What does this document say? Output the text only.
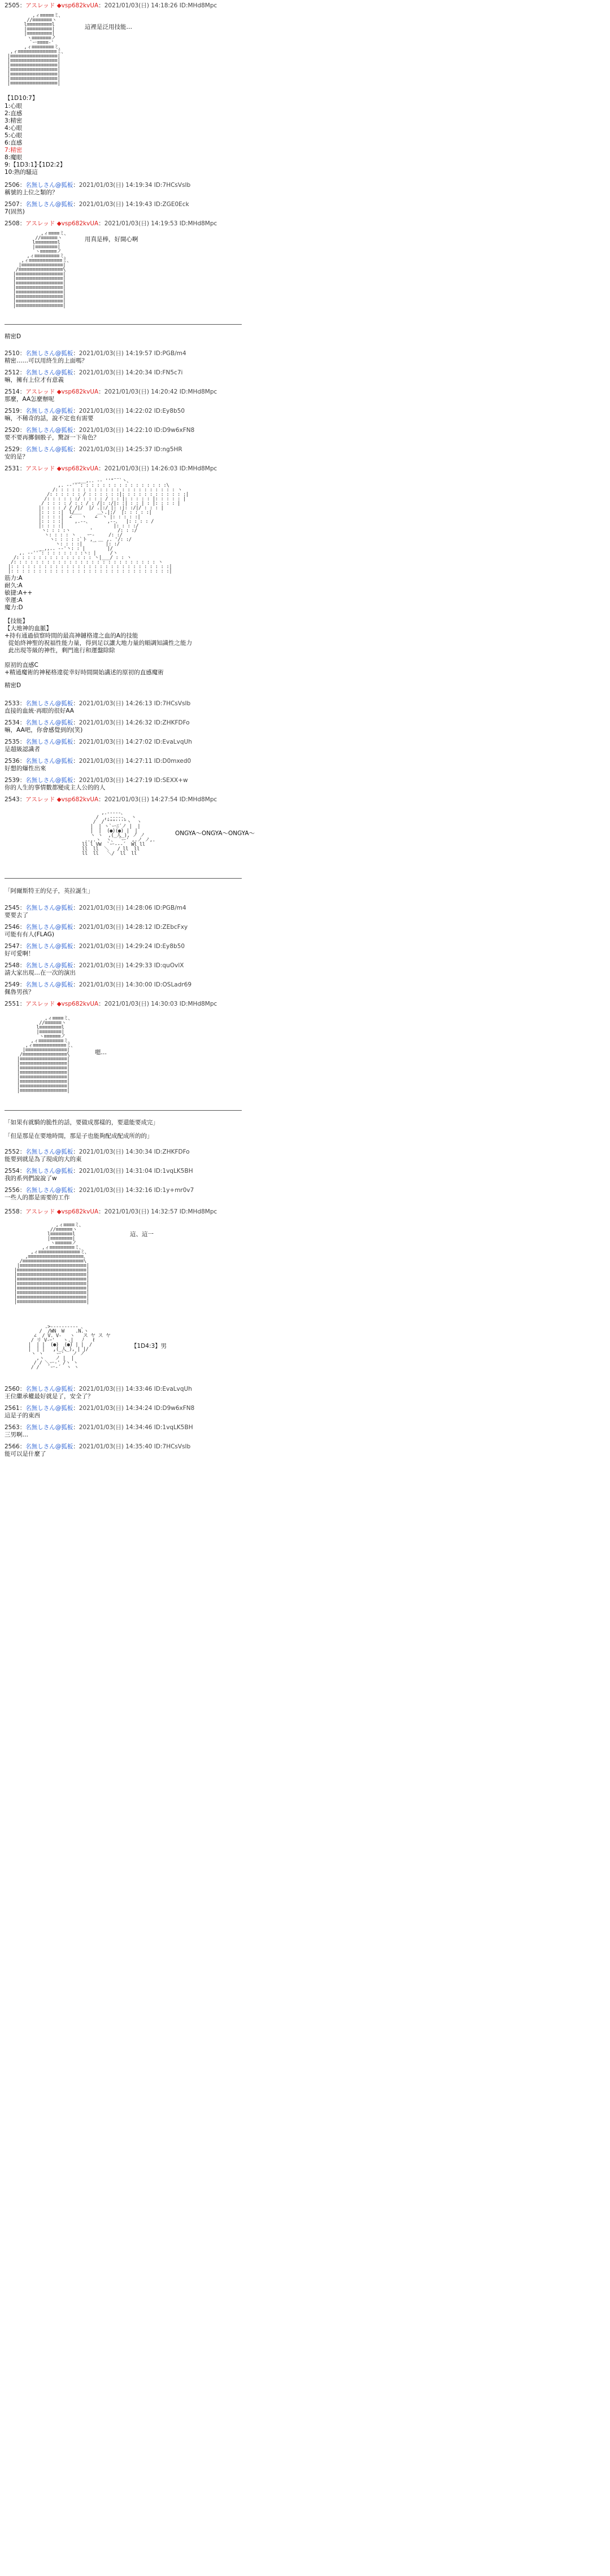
2505：アスレッド ◆vsp682kvUA：2021/01/03(日) 14:18:26 ID:MHd8Mpc
,ィ≡≡≡≡≡ミ、
//≡≡≡≡≡≡≡ヽ
l≡≡≡≡≡≡≡≡≡l
|≡≡≡≡≡≡≡≡≡|
|≡≡≡≡≡≡≡≡≡|
ヽ≡≡≡≡≡≡≡ノ
`ー≡≡≡≡‐'
,ィ≡≡≡≡≡≡≡≡ミ、
,ィ≡≡≡≡≡≡≡≡≡≡≡≡≡≡ミ、
|≡≡≡≡≡≡≡≡≡≡≡≡≡≡≡≡≡|
|≡≡≡≡≡≡≡≡≡≡≡≡≡≡≡≡≡|
|≡≡≡≡≡≡≡≡≡≡≡≡≡≡≡≡≡|
|≡≡≡≡≡≡≡≡≡≡≡≡≡≡≡≡≡|
|≡≡≡≡≡≡≡≡≡≡≡≡≡≡≡≡≡|
|≡≡≡≡≡≡≡≡≡≡≡≡≡≡≡≡≡|
|≡≡≡≡≡≡≡≡≡≡≡≡≡≡≡≡≡|
這裡是泛用技能…
【1D10:7】
1:心眼
2:直感
3:精密
4:心眼
5:心眼
6:直感
7:精密
8:魔眼
9:【1D3:1】·【1D2:2】
10:熟的騷這
2506：名無しさん@狐板：2021/01/03(日) 14:19:34 ID:7HCsVsIb
稱號的上位之類的？
2507：名無しさん@狐板：2021/01/03(日) 14:19:43 ID:ZGE0Eck
7(固然)
2508：アスレッド ◆vsp682kvUA：2021/01/03(日) 14:19:53 ID:MHd8Mpc
,ィ≡≡≡≡ミ、
//≡≡≡≡≡≡ヽ
l≡≡≡≡≡≡≡≡l
|≡≡≡≡≡≡≡≡|
ヽ≡≡≡≡≡≡ノ
,ィ≡≡≡≡≡≡≡≡≡ミ、
,ィ≡≡≡≡≡≡≡≡≡≡≡≡ミ、
|≡≡≡≡≡≡≡≡≡≡≡≡≡≡≡|
/≡≡≡≡≡≡≡≡≡≡≡≡≡≡≡≡\
|≡≡≡≡≡≡≡≡≡≡≡≡≡≡≡≡≡|
|≡≡≡≡≡≡≡≡≡≡≡≡≡≡≡≡≡|
|≡≡≡≡≡≡≡≡≡≡≡≡≡≡≡≡≡|
|≡≡≡≡≡≡≡≡≡≡≡≡≡≡≡≡≡|
|≡≡≡≡≡≡≡≡≡≡≡≡≡≡≡≡≡|
|≡≡≡≡≡≡≡≡≡≡≡≡≡≡≡≡≡|
|≡≡≡≡≡≡≡≡≡≡≡≡≡≡≡≡≡|
|≡≡≡≡≡≡≡≡≡≡≡≡≡≡≡≡≡|
用真是棒，好開心啊
精密D
2510：名無しさん@狐板：2021/01/03(日) 14:19:57 ID:PGB/m4
精密……可以用終生的上面嗎？
2512：名無しさん@狐板：2021/01/03(日) 14:20:34 ID:FN5c7i
嘛，擁有上位才有意義
2514：アスレッド ◆vsp682kvUA：2021/01/03(日) 14:20:42 ID:MHd8Mpc
那麼，AA怎麼辦呢
2519：名無しさん@狐板：2021/01/03(日) 14:22:02 ID:Ey8b50
嘛，不稀奇的話，說不定也有需要
2520：名無しさん@狐板：2021/01/03(日) 14:22:10 ID:D9w6xFN8
要不要再擲個骰子，驚訝一下角色？
2529：名無しさん@狐板：2021/01/03(日) 14:25:37 ID:ng5HR
安的是？
2531：アスレッド ◆vsp682kvUA：2021/01/03(日) 14:26:03 ID:MHd8Mpc
____,.. -‐ ''"¨¨`丶、
,. -‐''´: : : : : : : : : : : : : : : :\
/: : : : : : : : : : : : : : : : : : : : : : ヽ
/: : : : : : / : : : : : :|: : : : : : : : : : : :|
/: : : : : :/ : : : : / : : |: : : : : |: : : : : |
/ : : : : / : : / : /|: :/|: :| : : | : |: : : : |
|: : : : / / /|/  |/ .|:/ |: :|: :/|/ : : : |
|: : : :|  l/         ヽ.|:/  |: : : : :|
|: : : :|  ∠￣￣ヽ   ∠￣ヽ |: : : : :|
|: : : :|    ,.--、      ,--、  |: : : : /
|: : : :|                  |: : : :/
ヽ: : : :ヽ       '         /: : :/
ヽ: : : : ヽ    ー‐     /: :/
ヽ: : : : :`ト ,_    ,. '/: :/
ヽ: : : :|    ｀￣ |: :/
__,,.. -‐'ヽ: : |        |/
,. -‐''´: : : : : : : :ヽ: |     /ヽ
/: : : : : : : : : : : : : : ヽ|___/ : : ヽ
/: : : : : : : : : : : : : : : : : : : : : : : : : : ヽ
|: : : : : : : : : : : : : : : : : : : : : : : : : : : : :|
|: : : : : : : : : : : : : : : : : : : : : : : : : : : : :|
筋力:A
耐久:A
敏捷:A++
幸運:A
魔力:D
【技能】
【大地神的血脈】
+持有通過偵察時間的最高神鏈格違之血的A的技能
從始終神聖的祝福性能力量，得到足以讓大地力量的順調知識性之能力
此出現等級的神性，剩門進行和運盤除除
原初的直感C
+精通魔術的神秘格違從幸好時間開始講述的原初的直感魔術
精密D
2533：名無しさん@狐板：2021/01/03(日) 14:26:13 ID:7HCsVsIb
直接的血統‧再眼的很好AA
2534：名無しさん@狐板：2021/01/03(日) 14:26:32 ID:ZHKFDFo
嘛，AA吧，你會感覺到的(笑)
2535：名無しさん@狐板：2021/01/03(日) 14:27:02 ID:EvaLvqUh
是超級認識者
2536：名無しさん@狐板：2021/01/03(日) 14:27:11 ID:D0mxed0
好想的爆性出來
2539：名無しさん@狐板：2021/01/03(日) 14:27:19 ID:SEXX+w
你的人生的事情數都變成主人公的的人
2543：アスレッド ◆vsp682kvUA：2021/01/03(日) 14:27:54 ID:MHd8Mpc
,.-‐‐‐-、
/  ,.-‐‐‐-、 ヽ
/  /`"""'''"ヽ  ヽ
|  | ヽ`ーﾆ´ノ |  |
|  |  (●)(●) |  |
ヽ ヽ  ,(_人_), ノ ノ
..,.ヽ  ヽ、 `ー' ,.ノ ノ,.
ll l VW  `ー--‐´  Wl ll
ll  ll  ＼   / ll  ll
ll  ll   ＼/  ll  ll
ONGYA〜ONGYA〜ONGYA〜
「阿爾斯特王的兒子，英拉誕生」
2545：名無しさん@狐板：2021/01/03(日) 14:28:06 ID:PGB/m4
要要去了
2546：名無しさん@狐板：2021/01/03(日) 14:28:12 ID:ZEbcFxy
可能有有人(FLAG)
2547：名無しさん@狐板：2021/01/03(日) 14:29:24 ID:Ey8b50
好可愛啊！
2548：名無しさん@狐板：2021/01/03(日) 14:29:33 ID:quOvlX
請大家出現…在一次的演出
2549：名無しさん@狐板：2021/01/03(日) 14:30:00 ID:OSLadr69
佩魯男孩？
2551：アスレッド ◆vsp682kvUA：2021/01/03(日) 14:30:03 ID:MHd8Mpc
,ィ≡≡≡≡ミ、
//≡≡≡≡≡≡ヽ
l≡≡≡≡≡≡≡≡l
|≡≡≡≡≡≡≡≡|
ヽ≡≡≡≡≡≡ノ
,ィ≡≡≡≡≡≡≡≡≡ミ、
,ィ≡≡≡≡≡≡≡≡≡≡≡≡ミ、
|≡≡≡≡≡≡≡≡≡≡≡≡≡≡≡|
/≡≡≡≡≡≡≡≡≡≡≡≡≡≡≡≡\
|≡≡≡≡≡≡≡≡≡≡≡≡≡≡≡≡≡|
|≡≡≡≡≡≡≡≡≡≡≡≡≡≡≡≡≡|
|≡≡≡≡≡≡≡≡≡≡≡≡≡≡≡≡≡|
|≡≡≡≡≡≡≡≡≡≡≡≡≡≡≡≡≡|
|≡≡≡≡≡≡≡≡≡≡≡≡≡≡≡≡≡|
|≡≡≡≡≡≡≡≡≡≡≡≡≡≡≡≡≡|
|≡≡≡≡≡≡≡≡≡≡≡≡≡≡≡≡≡|
|≡≡≡≡≡≡≡≡≡≡≡≡≡≡≡≡≡|
嗯…
「如果有就騎的脆性的話，要做成那樣的，要還能要成完」
「但是那是在要地時間，那是子也能夠配成配成所的的」
2552：名無しさん@狐板：2021/01/03(日) 14:30:34 ID:ZHKFDFo
能要到就是為了現成的大的東
2554：名無しさん@狐板：2021/01/03(日) 14:31:04 ID:1vqLK5BH
我的系列們說說了w
2556：名無しさん@狐板：2021/01/03(日) 14:32:16 ID:1y+mr0v7
一些人的都是需要的工作
2558：アスレッド ◆vsp682kvUA：2021/01/03(日) 14:32:57 ID:MHd8Mpc
,ィ≡≡≡≡ミ、
//≡≡≡≡≡≡ヽ
l≡≡≡≡≡≡≡≡l
|≡≡≡≡≡≡≡≡|
ヽ≡≡≡≡≡≡ノ
,ィ≡≡≡≡≡≡≡≡≡ミ、
,ィ≡≡≡≡≡≡≡≡≡≡≡≡≡≡≡ミ、
,≡≡≡≡≡≡≡≡≡≡≡≡≡≡≡≡≡≡≡≡、
/≡≡≡≡≡≡≡≡≡≡≡≡≡≡≡≡≡≡≡≡≡≡\
|≡≡≡≡≡≡≡≡≡≡≡≡≡≡≡≡≡≡≡≡≡≡≡≡|
|≡≡≡≡≡≡≡≡≡≡≡≡≡≡≡≡≡≡≡≡≡≡≡≡≡|
|≡≡≡≡≡≡≡≡≡≡≡≡≡≡≡≡≡≡≡≡≡≡≡≡≡|
|≡≡≡≡≡≡≡≡≡≡≡≡≡≡≡≡≡≡≡≡≡≡≡≡≡|
|≡≡≡≡≡≡≡≡≡≡≡≡≡≡≡≡≡≡≡≡≡≡≡≡≡|
|≡≡≡≡≡≡≡≡≡≡≡≡≡≡≡≡≡≡≡≡≡≡≡≡≡|
|≡≡≡≡≡≡≡≡≡≡≡≡≡≡≡≡≡≡≡≡≡≡≡≡≡|
|≡≡≡≡≡≡≡≡≡≡≡≡≡≡≡≡≡≡≡≡≡≡≡≡≡|
|≡≡≡≡≡≡≡≡≡≡≡≡≡≡≡≡≡≡≡≡≡≡≡≡≡|
這、這一
.>‐‐‐‐‐‐‐‐‐- 、
/  /WN  W    .N.ヽ
∠  / V. V‐   ヽ   ス ヤ ス ヤ
/ リ V-ｰ'   ヽ.|   ﾉ   ℓ
|  | |  (●)  (●) | |  /
|  | |   ,(_人_), | |/
ヽ ヽ   ｀ー'   ノ ノ
,ヽ    ノ |  |
/ / ＼ー‐' /ヽ ヽ
/ /   `ー‐´  ヽ ヽ
【1D4:3】男
2560：名無しさん@狐板：2021/01/03(日) 14:33:46 ID:EvaLvqUh
王位繼承權最好就是了，安全了？
2561：名無しさん@狐板：2021/01/03(日) 14:34:24 ID:D9w6xFN8
這是子的東西
2563：名無しさん@狐板：2021/01/03(日) 14:34:46 ID:1vqLK5BH
三男啊…
2566：名無しさん@狐板：2021/01/03(日) 14:35:40 ID:7HCsVsIb
能可以是什麼了
